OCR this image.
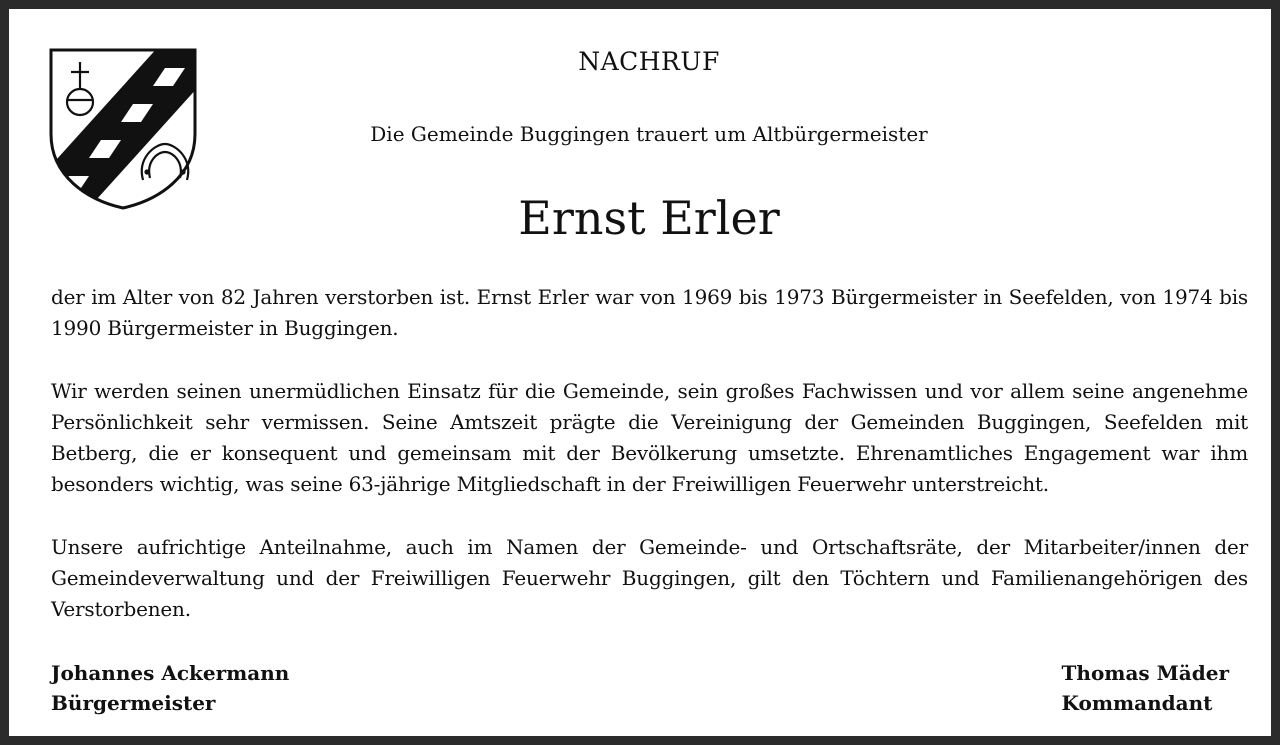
NACHRUF
Die Gemeinde Buggingen trauert um Altbürgermeister
Ernst Erler

der im Alter von 82 Jahren verstorben ist. Ernst Erler war von 1969 bis 1973 Bürgermeister in Seefelden, von 1974 bis 1990 Bürgermeister in Buggingen.

Wir werden seinen unermüdlichen Einsatz für die Gemeinde, sein großes Fachwissen und vor allem seine angenehme Persönlichkeit sehr vermissen. Seine Amtszeit prägte die Vereinigung der Gemeinden Buggingen, Seefelden mit Betberg, die er konsequent und gemeinsam mit der Bevölkerung umsetzte. Ehrenamtliches Engagement war ihm besonders wichtig, was seine 63-jährige Mitgliedschaft in der Freiwilligen Feuerwehr unterstreicht.

Unsere aufrichtige Anteilnahme, auch im Namen der Gemeinde- und Ortschaftsräte, der Mitarbeiter/innen der Gemeindeverwaltung und der Freiwilligen Feuerwehr Buggingen, gilt den Töchtern und Familienangehörigen des Verstorbenen.

Johannes Ackermann
Bürgermeister
Thomas Mäder
Kommandant
